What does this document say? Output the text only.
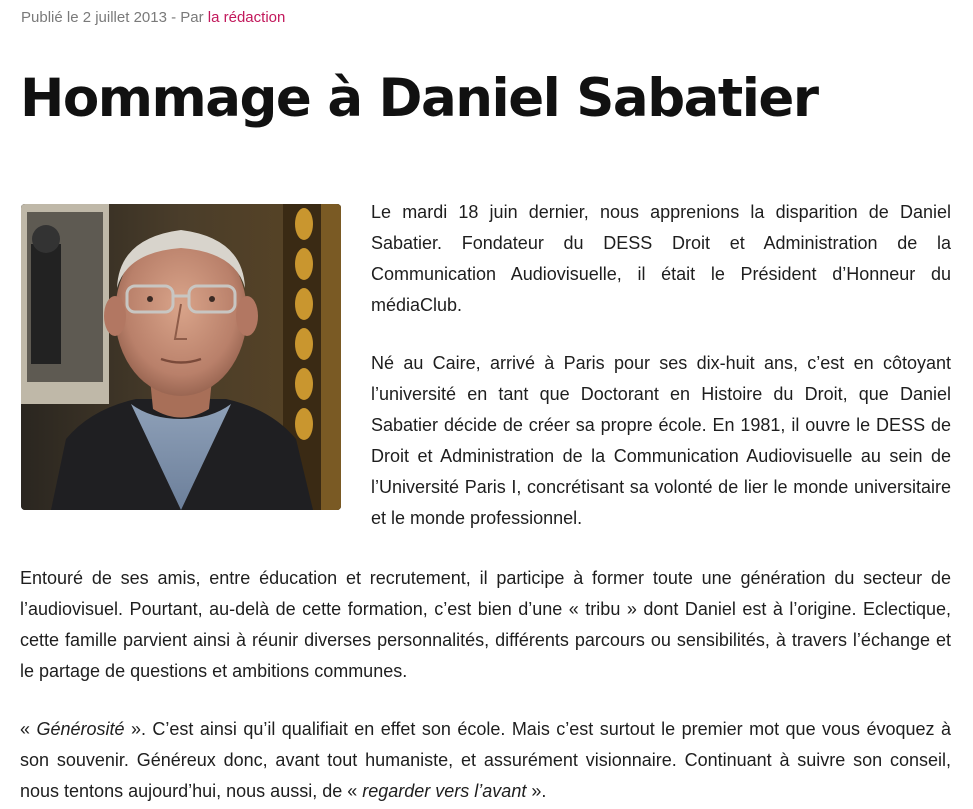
Publié le 2 juillet 2013 - Par la rédaction
Hommage à Daniel Sabatier

Le mardi 18 juin dernier, nous apprenions la disparition de Daniel Sabatier. Fondateur du DESS Droit et Administration de la Communication Audiovisuelle, il était le Président d’Honneur du médiaClub.

Né au Caire, arrivé à Paris pour ses dix-huit ans, c’est en côtoyant l’université en tant que Doctorant en Histoire du Droit, que Daniel Sabatier décide de créer sa propre école. En 1981, il ouvre le DESS de Droit et Administration de la Communication Audiovisuelle au sein de l’Université Paris I, concrétisant sa volonté de lier le monde universitaire et le monde professionnel.

Entouré de ses amis, entre éducation et recrutement, il participe à former toute une génération du secteur de l’audiovisuel. Pourtant, au-delà de cette formation, c’est bien d’une « tribu » dont Daniel est à l’origine. Eclectique, cette famille parvient ainsi à réunir diverses personnalités, différents parcours ou sensibilités, à travers l’échange et le partage de questions et ambitions communes.

« Générosité ». C’est ainsi qu’il qualifiait en effet son école. Mais c’est surtout le premier mot que vous évoquez à son souvenir. Généreux donc, avant tout humaniste, et assurément visionnaire. Continuant à suivre son conseil, nous tentons aujourd’hui, nous aussi, de « regarder vers l’avant ».
